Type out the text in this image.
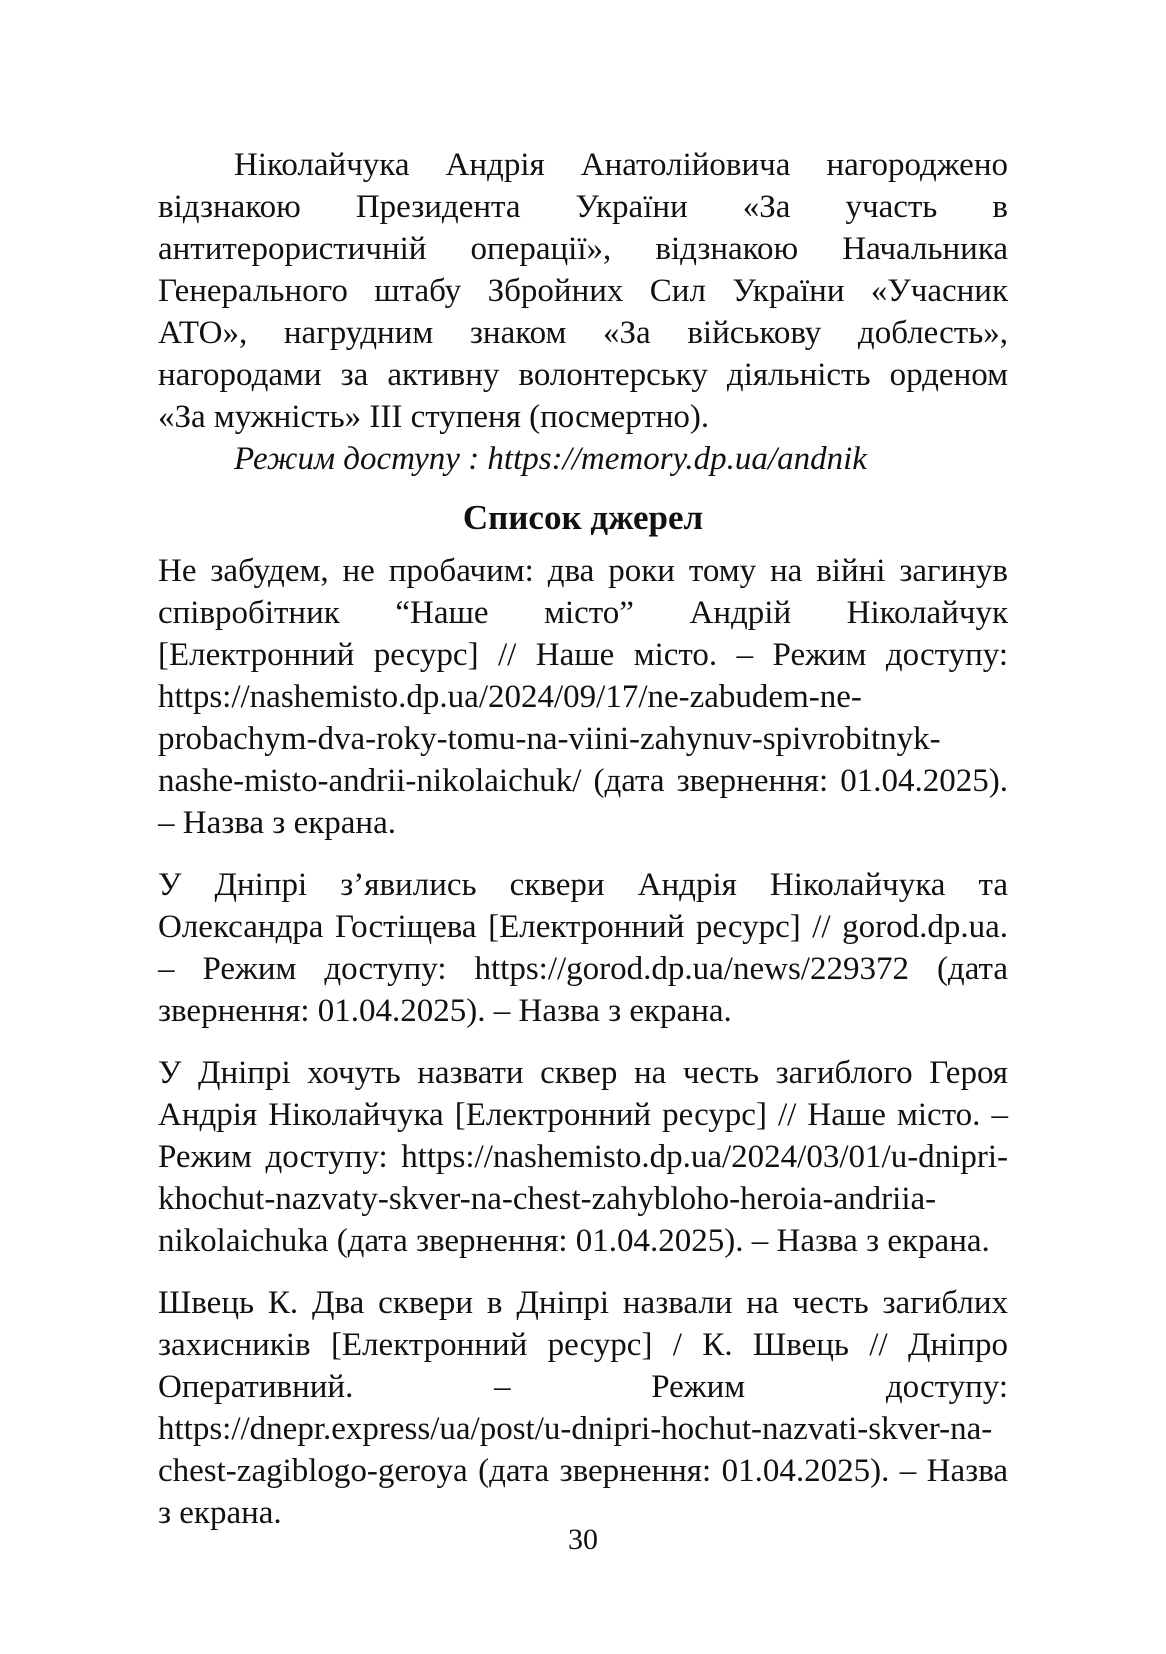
Ніколайчука Андрія Анатолійовича нагороджено відзнакою Президента України «За участь в антитерористичній операції», відзнакою Начальника Генерального штабу Збройних Сил України «Учасник АТО», нагрудним знаком «За військову доблесть», нагородами за активну волонтерську діяльність орденом «За мужність» III ступеня (посмертно).

Режим доступу : https://memory.dp.ua/andnik

Список джерел

Не забудем, не пробачим: два роки тому на війні загинув співробітник “Наше місто” Андрій Ніколайчук [Електронний ресурс] // Наше місто. – Режим доступу: https://nashemisto.dp.ua/2024/09/17/ne-zabudem-ne-probachym-dva-roky-tomu-na-viini-zahynuv-spivrobitnyk-nashe-misto-andrii-nikolaichuk/ (дата звернення: 01.04.2025). – Назва з екрана.

У Дніпрі з’явились сквери Андрія Ніколайчука та Олександра Гостіщева [Електронний ресурс] // gorod.dp.ua. – Режим доступу: https://gorod.dp.ua/news/229372 (дата звернення: 01.04.2025). – Назва з екрана.

У Дніпрі хочуть назвати сквер на честь загиблого Героя Андрія Ніколайчука [Електронний ресурс] // Наше місто. – Режим доступу: https://nashemisto.dp.ua/2024/03/01/u-dnipri-khochut-nazvaty-skver-na-chest-zahybloho-heroia-andriia-nikolaichuka (дата звернення: 01.04.2025). – Назва з екрана.

Швець К. Два сквери в Дніпрі назвали на честь загиблих захисників [Електронний ресурс] / К. Швець // Дніпро Оперативний. – Режим доступу: https://dnepr.express/ua/post/u-dnipri-hochut-nazvati-skver-na-chest-zagiblogo-geroya (дата звернення: 01.04.2025). – Назва з екрана.

30
